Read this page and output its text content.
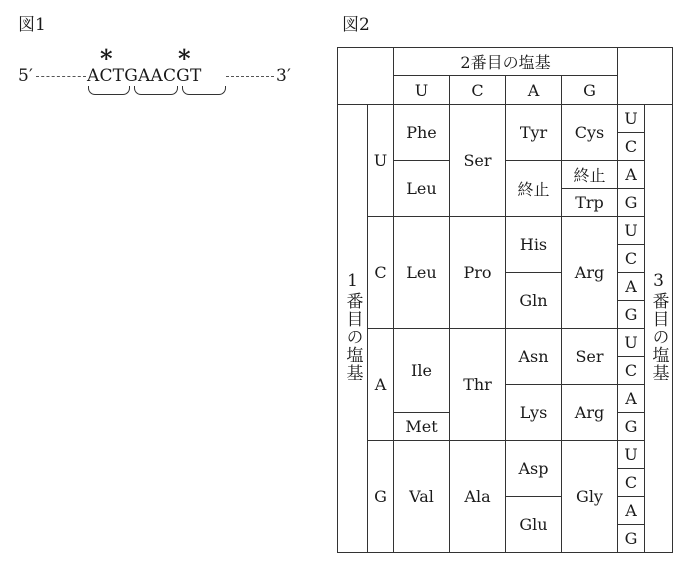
図1
5′	ACTGAACGT	3′
*	*
図2
		2番目の塩基					
		U	C	A	G		
1番目の塩基	U	Phe	Ser	Tyr	Cys	U	3番目の塩基
						C	
		Leu		終止	終止	A	
					Trp	G	
	C	Leu	Pro	His	Arg	U	
						C	
				Gln		A	
						G	
	A	Ile	Thr	Asn	Ser	U	
						C	
				Lys	Arg	A	
		Met				G	
	G	Val	Ala	Asp	Gly	U	
						C	
				Glu		A	
						G	
